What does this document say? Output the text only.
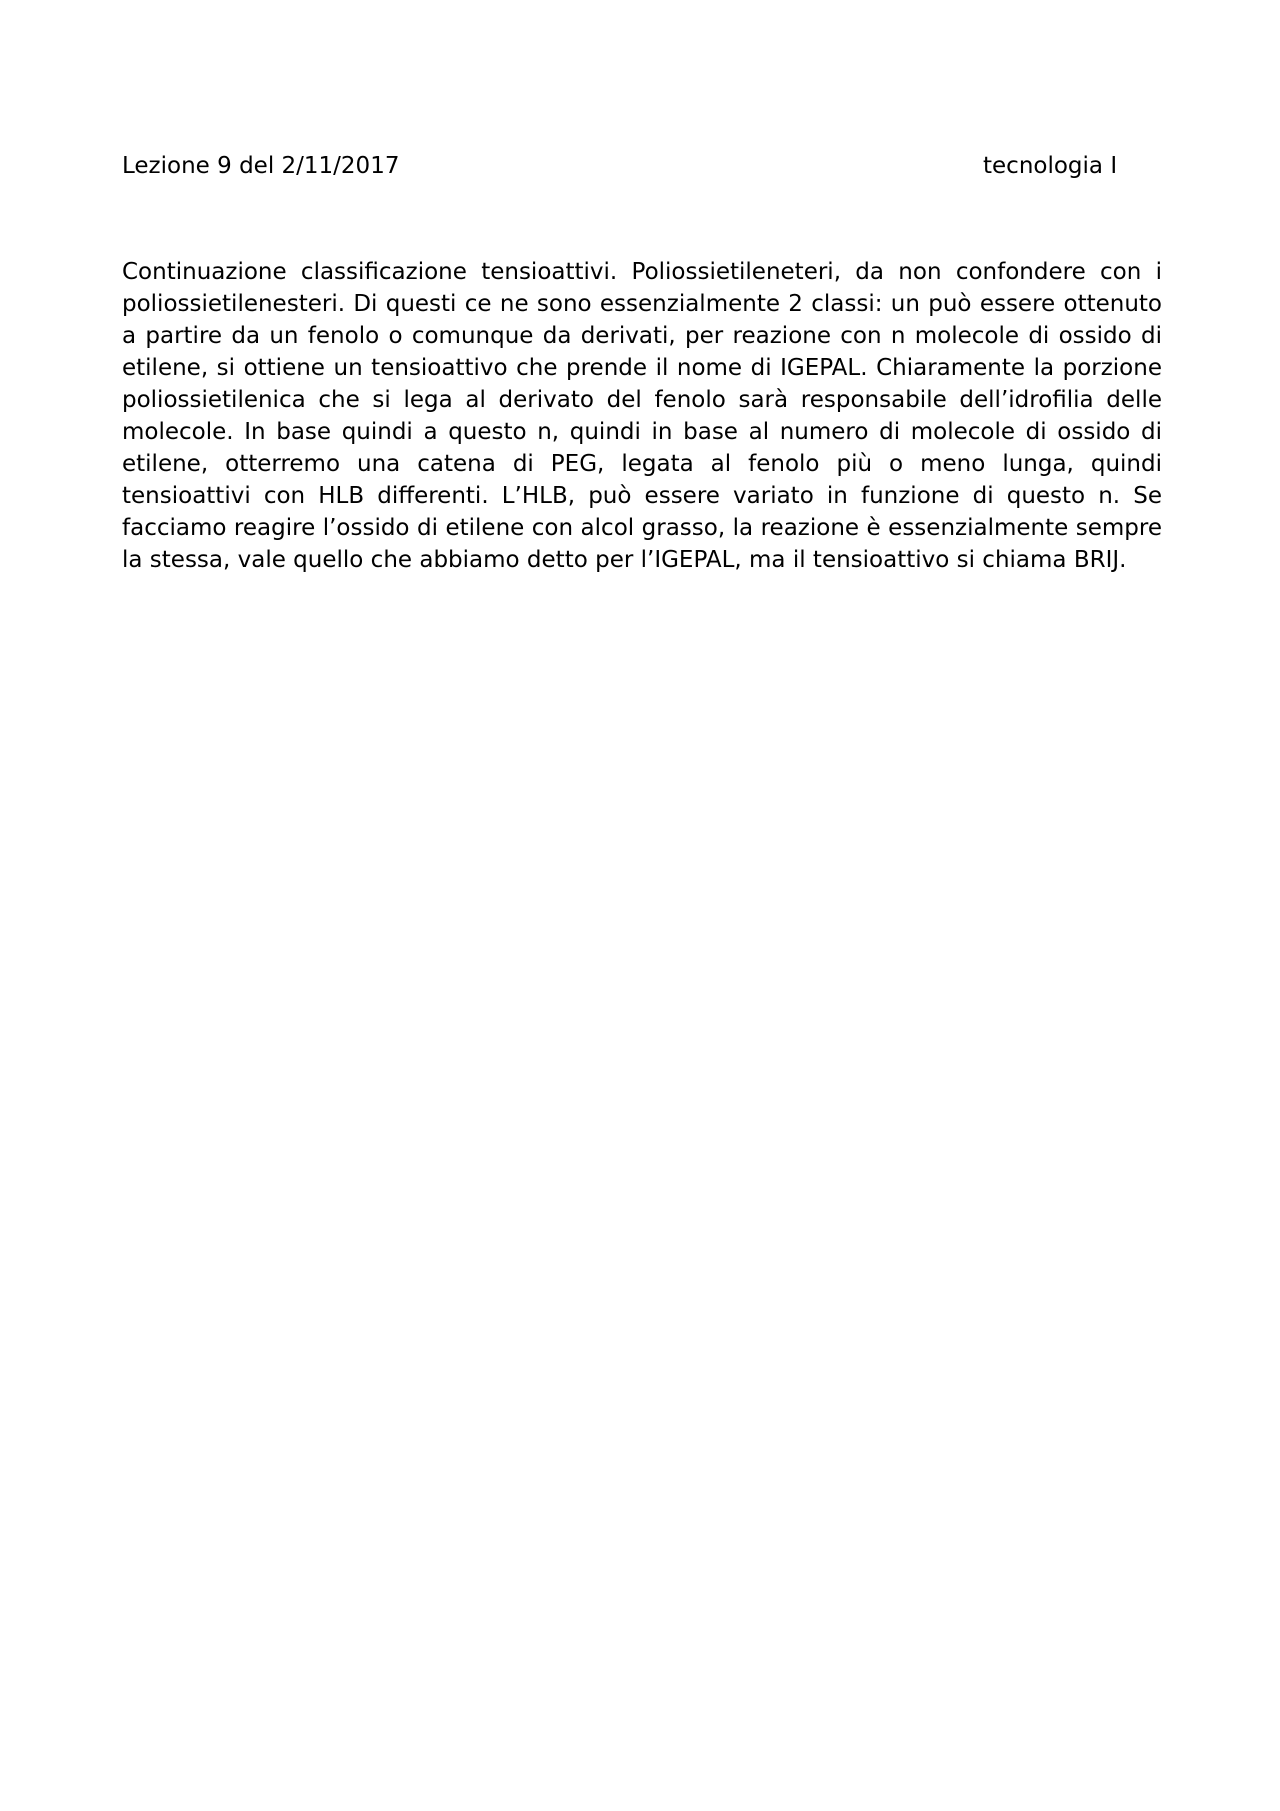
Lezione 9 del 2/11/2017	tecnologia I

Continuazione classificazione tensioattivi. Poliossietileneteri, da non confondere con i poliossietilenesteri. Di questi ce ne sono essenzialmente 2 classi: un può essere ottenuto a partire da un fenolo o comunque da derivati, per reazione con n molecole di ossido di etilene, si ottiene un tensioattivo che prende il nome di IGEPAL. Chiaramente la porzione poliossietilenica che si lega al derivato del fenolo sarà responsabile dell’idrofilia delle molecole. In base quindi a questo n, quindi in base al numero di molecole di ossido di etilene, otterremo una catena di PEG, legata al fenolo più o meno lunga, quindi tensioattivi con HLB differenti. L’HLB, può essere variato in funzione di questo n. Se facciamo reagire l’ossido di etilene con alcol grasso, la reazione è essenzialmente sempre la stessa, vale quello che abbiamo detto per l’IGEPAL, ma il tensioattivo si chiama BRIJ.
